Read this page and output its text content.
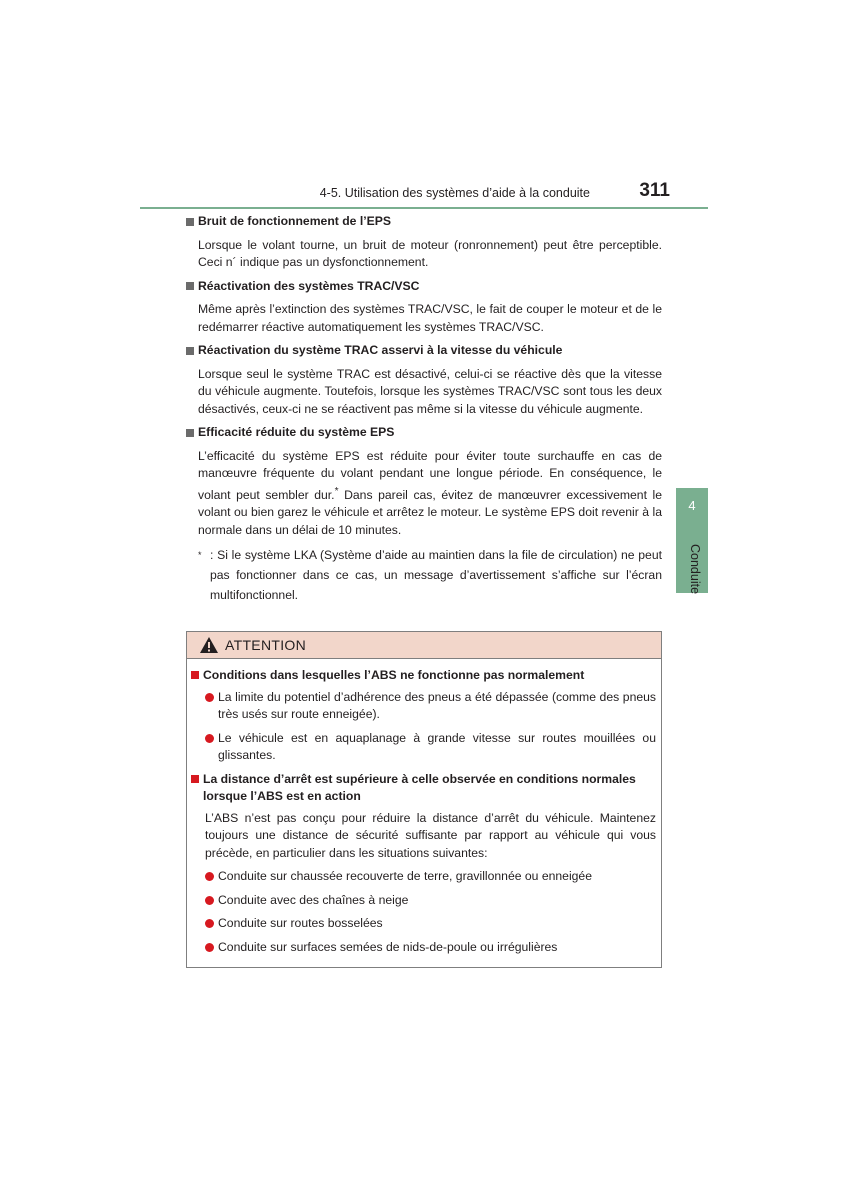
4-5. Utilisation des systèmes d’aide à la conduite	311
4
Conduite
Bruit de fonctionnement de l’EPS

Lorsque le volant tourne, un bruit de moteur (ronronnement) peut être perceptible. Ceci n´ indique pas un dysfonctionnement.

Réactivation des systèmes TRAC/VSC

Même après l’extinction des systèmes TRAC/VSC, le fait de couper le moteur et de le redémarrer réactive automatiquement les systèmes TRAC/VSC.

Réactivation du système TRAC asservi à la vitesse du véhicule

Lorsque seul le système TRAC est désactivé, celui-ci se réactive dès que la vitesse du véhicule augmente. Toutefois, lorsque les systèmes TRAC/VSC sont tous les deux désactivés, ceux-ci ne se réactivent pas même si la vitesse du véhicule augmente.

Efficacité réduite du système EPS

L’efficacité du système EPS est réduite pour éviter toute surchauffe en cas de manœuvre fréquente du volant pendant une longue période. En conséquence, le volant peut sembler dur.* Dans pareil cas, évitez de manœuvrer excessivement le volant ou bien garez le véhicule et arrêtez le moteur. Le système EPS doit revenir à la normale dans un délai de 10 minutes.

* : Si le système LKA (Système d’aide au maintien dans la file de circulation) ne peut pas fonctionner dans ce cas, un message d’avertissement s’affiche sur l’écran multifonctionnel.
ATTENTION
Conditions dans lesquelles l’ABS ne fonctionne pas normalement
La limite du potentiel d’adhérence des pneus a été dépassée (comme des pneus très usés sur route enneigée).
Le véhicule est en aquaplanage à grande vitesse sur routes mouillées ou glissantes.
La distance d’arrêt est supérieure à celle observée en conditions normales lorsque l’ABS est en action

L’ABS n’est pas conçu pour réduire la distance d’arrêt du véhicule. Maintenez toujours une distance de sécurité suffisante par rapport au véhicule qui vous précède, en particulier dans les situations suivantes:

Conduite sur chaussée recouverte de terre, gravillonnée ou enneigée
Conduite avec des chaînes à neige
Conduite sur routes bosselées
Conduite sur surfaces semées de nids-de-poule ou irrégulières
